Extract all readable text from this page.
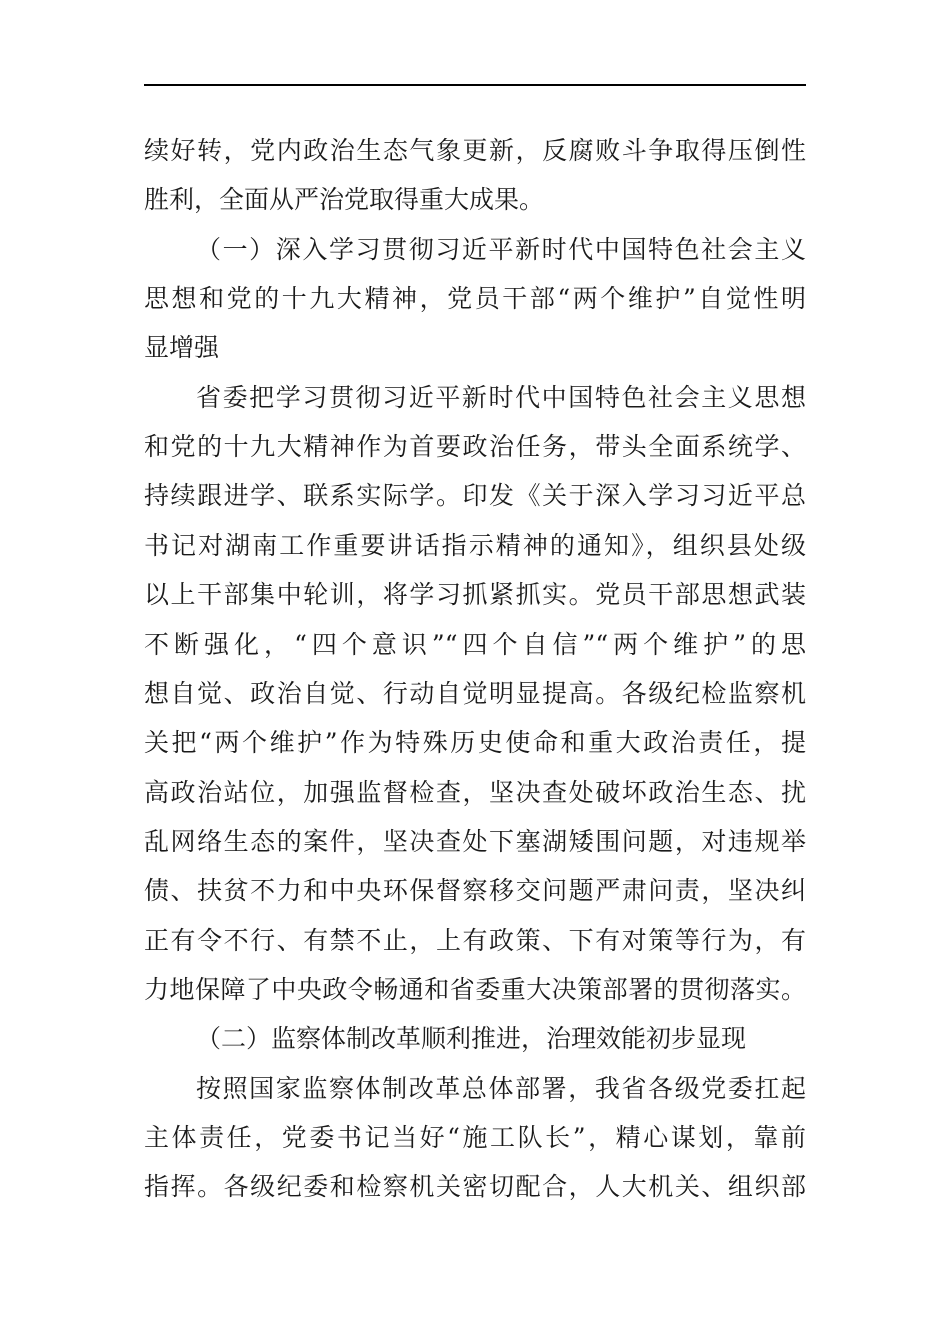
续好转，党内政治生态气象更新，反腐败斗争取得压倒性
胜利，全面从严治党取得重大成果。
（一）深入学习贯彻习近平新时代中国特色社会主义
思想和党的十九大精神，党员干部“两个维护”自觉性明
显增强
省委把学习贯彻习近平新时代中国特色社会主义思想
和党的十九大精神作为首要政治任务，带头全面系统学、
持续跟进学、联系实际学。印发《关于深入学习习近平总
书记对湖南工作重要讲话指示精神的通知》，组织县处级
以上干部集中轮训，将学习抓紧抓实。党员干部思想武装
不断强化，“四个意识”“四个自信”“两个维护”的思
想自觉、政治自觉、行动自觉明显提高。各级纪检监察机
关把“两个维护”作为特殊历史使命和重大政治责任，提
高政治站位，加强监督检查，坚决查处破坏政治生态、扰
乱网络生态的案件，坚决查处下塞湖矮围问题，对违规举
债、扶贫不力和中央环保督察移交问题严肃问责，坚决纠
正有令不行、有禁不止，上有政策、下有对策等行为，有
力地保障了中央政令畅通和省委重大决策部署的贯彻落实。
（二）监察体制改革顺利推进，治理效能初步显现
按照国家监察体制改革总体部署，我省各级党委扛起
主体责任，党委书记当好“施工队长”，精心谋划，靠前
指挥。各级纪委和检察机关密切配合，人大机关、组织部
